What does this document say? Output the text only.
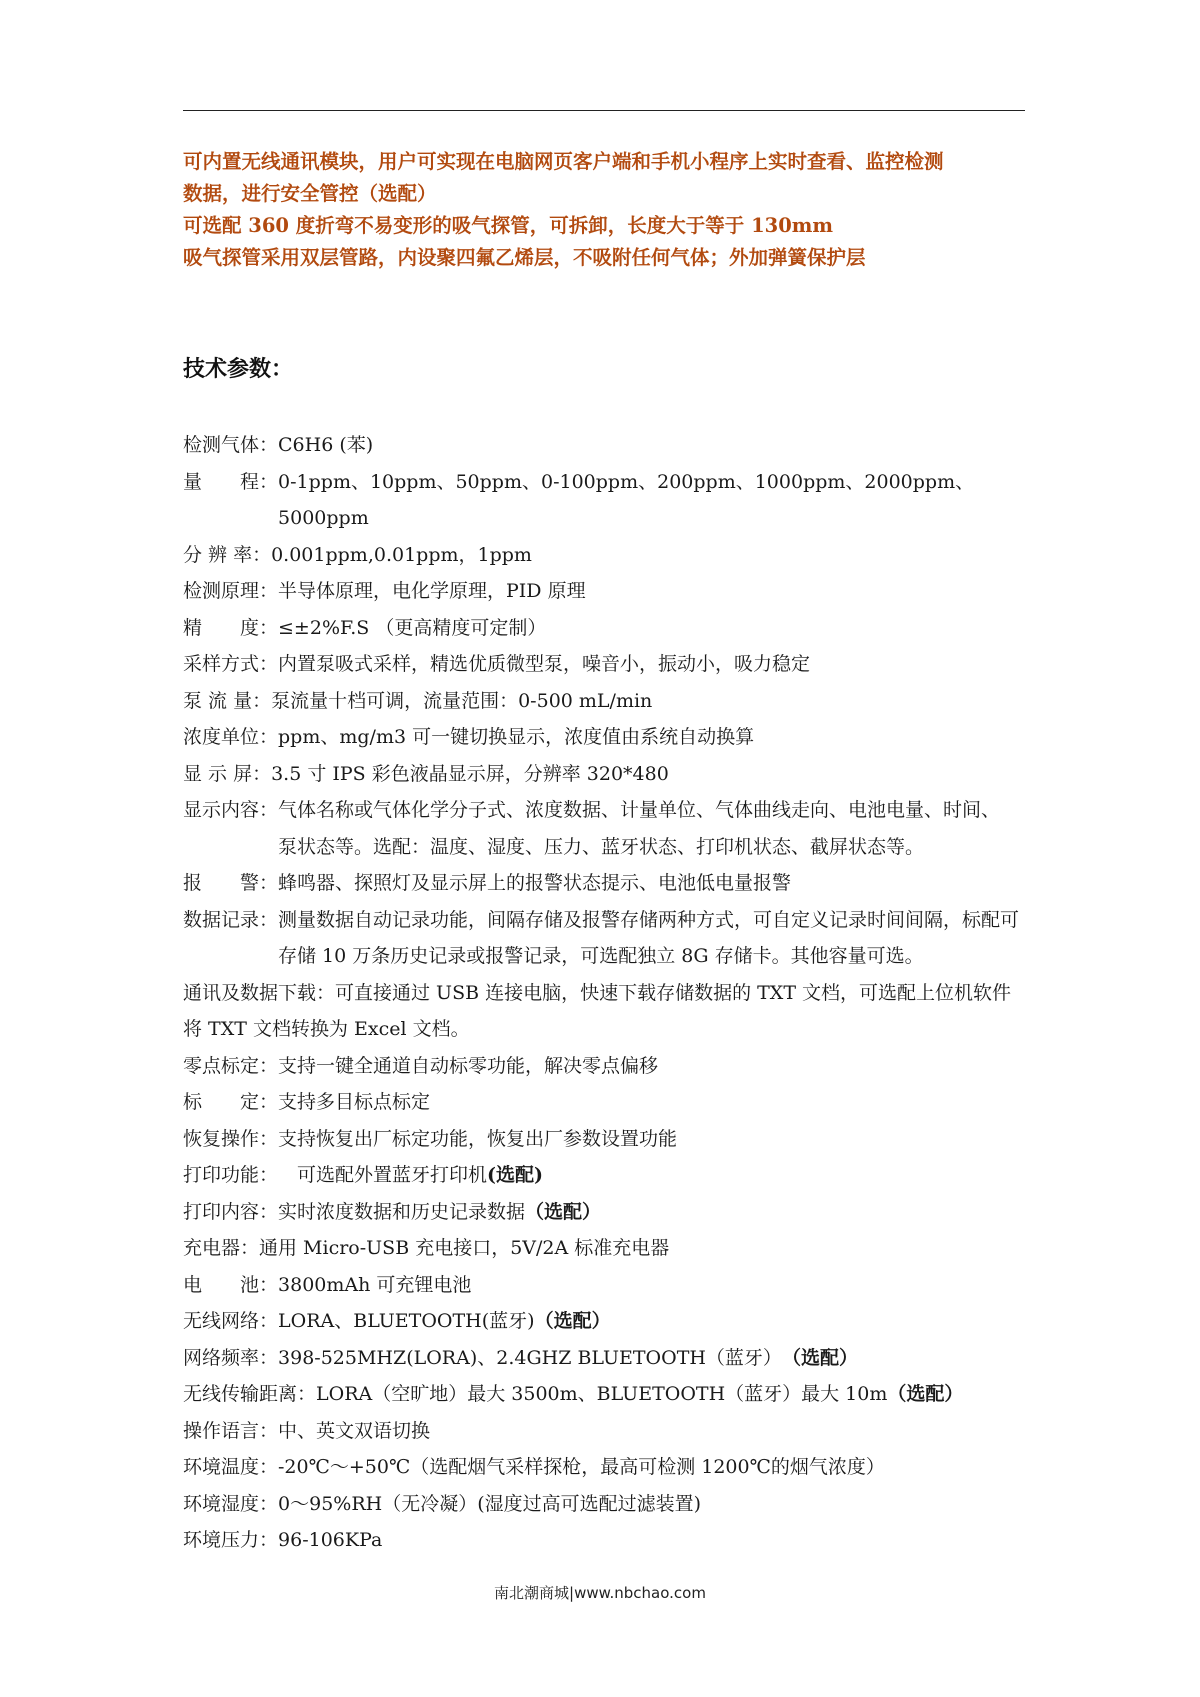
可内置无线通讯模块，用户可实现在电脑网页客户端和手机小程序上实时查看、监控检测
数据，进行安全管控（选配）
可选配 360 度折弯不易变形的吸气探管，可拆卸，长度大于等于 130mm
吸气探管采用双层管路，内设聚四氟乙烯层，不吸附任何气体；外加弹簧保护层
技术参数：
检测气体： C6H6 (苯)
量　　程： 0-1ppm、10ppm、50ppm、0-100ppm、200ppm、1000ppm、2000ppm、5000ppm
分 辨 率： 0.001ppm,0.01ppm，1ppm
检测原理： 半导体原理，电化学原理，PID 原理
精　　度： ≤±2%F.S （更高精度可定制）
采样方式： 内置泵吸式采样，精选优质微型泵，噪音小，振动小，吸力稳定
泵 流 量： 泵流量十档可调，流量范围：0-500 mL/min
浓度单位： ppm、mg/m3 可一键切换显示，浓度值由系统自动换算
显 示 屏： 3.5 寸 IPS 彩色液晶显示屏，分辨率 320*480
显示内容： 气体名称或气体化学分子式、浓度数据、计量单位、气体曲线走向、电池电量、时间、泵状态等。选配：温度、湿度、压力、蓝牙状态、打印机状态、截屏状态等。
报　　警： 蜂鸣器、探照灯及显示屏上的报警状态提示、电池低电量报警
数据记录： 测量数据自动记录功能，间隔存储及报警存储两种方式，可自定义记录时间间隔，标配可存储 10 万条历史记录或报警记录，可选配独立 8G 存储卡。其他容量可选。
通讯及数据下载：可直接通过 USB 连接电脑，快速下载存储数据的 TXT 文档，可选配上位机软件将 TXT 文档转换为 Excel 文档。
零点标定： 支持一键全通道自动标零功能，解决零点偏移
标　　定： 支持多目标点标定
恢复操作： 支持恢复出厂标定功能，恢复出厂参数设置功能
打印功能： 　可选配外置蓝牙打印机 (选配)
打印内容： 实时浓度数据和历史记录数据 （选配）
充电器： 通用 Micro-USB 充电接口，5V/2A 标准充电器
电　　池： 3800mAh 可充锂电池
无线网络： LORA、BLUETOOTH(蓝牙) （选配）
网络频率： 398-525MHZ(LORA)、2.4GHZ BLUETOOTH（蓝牙） （选配）
无线传输距离： LORA（空旷地）最大 3500m、BLUETOOTH（蓝牙）最大 10m （选配）
操作语言： 中、英文双语切换
环境温度： -20℃～+50℃（选配烟气采样探枪，最高可检测 1200℃的烟气浓度）
环境湿度： 0～95%RH（无冷凝）(湿度过高可选配过滤装置)
环境压力： 96-106KPa
南北潮商城|www.nbchao.com
